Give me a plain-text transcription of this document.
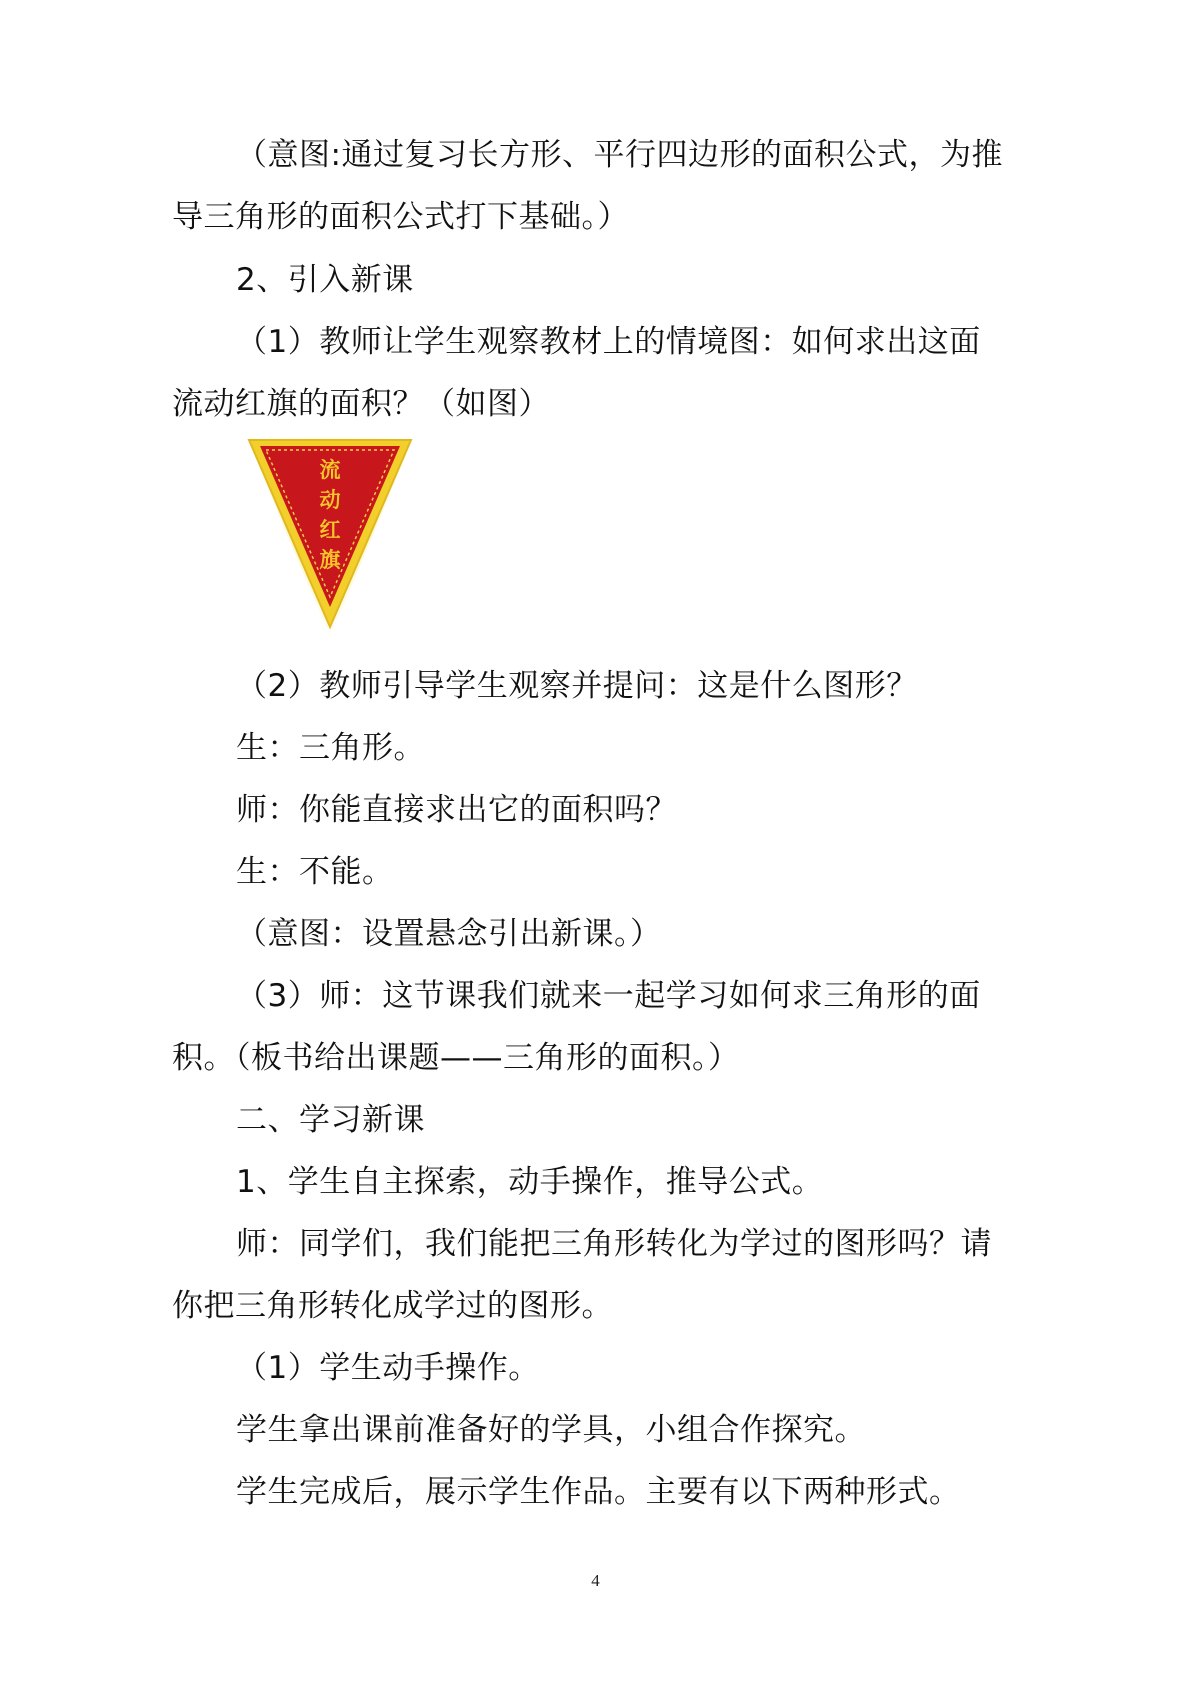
（意图:通过复习长方形、平行四边形的面积公式，为推

导三角形的面积公式打下基础。）

2、引入新课

（1）教师让学生观察教材上的情境图：如何求出这面

流动红旗的面积？（如图）

流
动
红
旗

（2）教师引导学生观察并提问：这是什么图形？

生：三角形。

师：你能直接求出它的面积吗？

生：不能。

（意图：设置悬念引出新课。）

（3）师：这节课我们就来一起学习如何求三角形的面

积。（板书给出课题——三角形的面积。）

二、学习新课

1、学生自主探索，动手操作，推导公式。

师：同学们，我们能把三角形转化为学过的图形吗？请

你把三角形转化成学过的图形。

（1）学生动手操作。

学生拿出课前准备好的学具，小组合作探究。

学生完成后，展示学生作品。主要有以下两种形式。

4
